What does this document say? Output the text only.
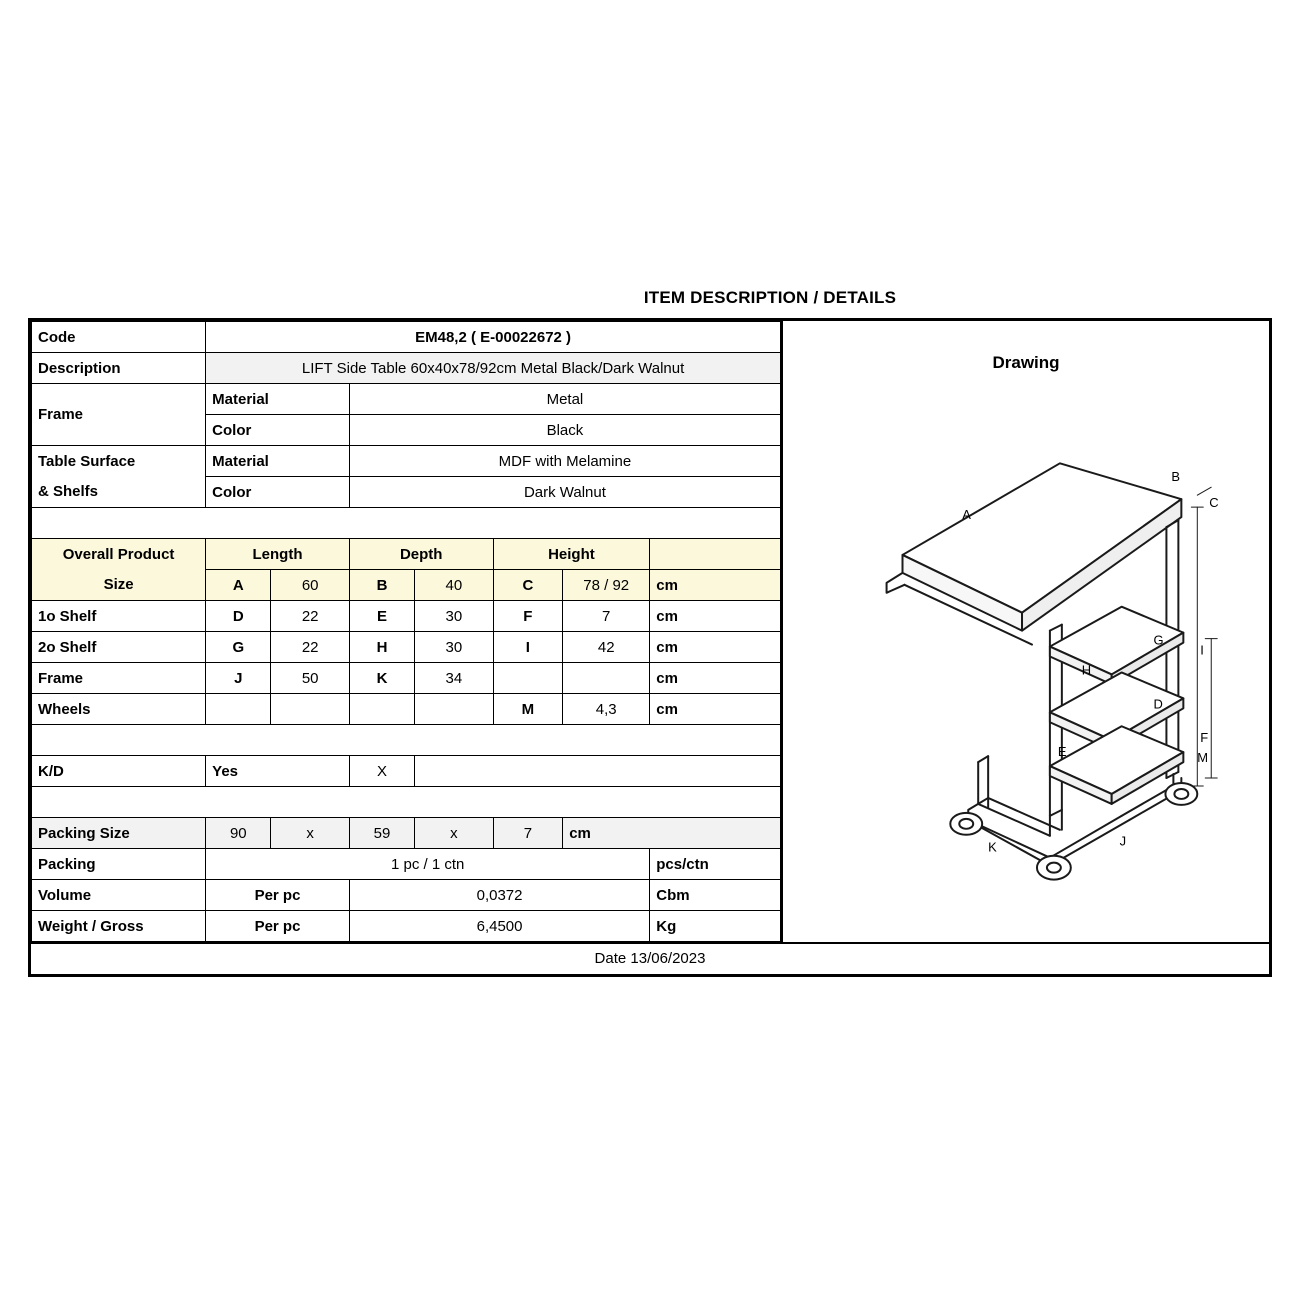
ITEM DESCRIPTION / DETAILS
Code	EM48,2 ( E-00022672 )						
Description	LIFT Side Table 60x40x78/92cm Metal Black/Dark Walnut						
Frame	Material		Metal				
	Color		Black				
Table Surface	Material		MDF with Melamine				
& Shelfs	Color		Dark Walnut				

Overall Product	Length		Depth		Height		
Size	A	60	B	40	C	78 / 92	cm
1o Shelf	D	22	E	30	F	7	cm
2o Shelf	G	22	H	30	I	42	cm
Frame	J	50	K	34			cm
Wheels					M	4,3	cm

K/D	Yes		X				

Packing Size	90	x	59	x	7	cm	
Packing	1 pc / 1 ctn						pcs/ctn
Volume	Per pc		0,0372				Cbm
Weight / Gross	Per pc		6,4500				Kg
Drawing
A
B
C
G
H
I
D
E
F
M
K	J
Date 13/06/2023
